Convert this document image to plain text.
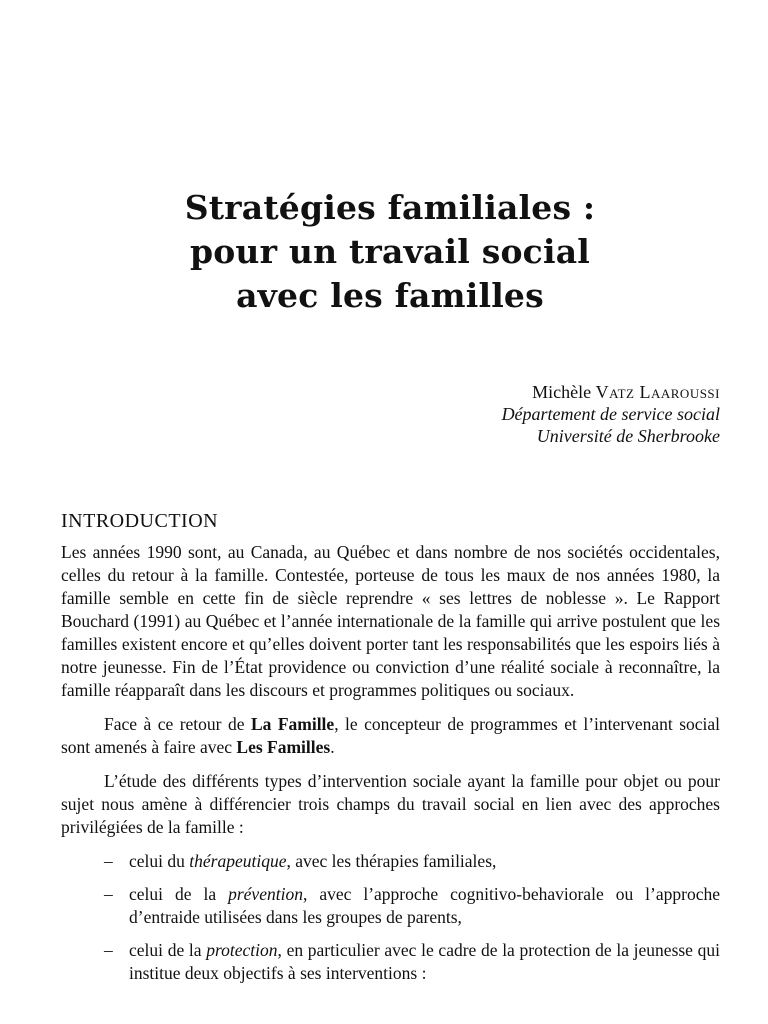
Stratégies familiales :
pour un travail social
avec les familles
Michèle Vatz Laaroussi
Département de service social
Université de Sherbrooke
INTRODUCTION

Les années 1990 sont, au Canada, au Québec et dans nombre de nos sociétés occidentales, celles du retour à la famille. Contestée, porteuse de tous les maux de nos années 1980, la famille semble en cette fin de siècle reprendre « ses lettres de noblesse ». Le Rapport Bouchard (1991) au Québec et l’année internationale de la famille qui arrive postulent que les familles existent encore et qu’elles doivent porter tant les responsabilités que les espoirs liés à notre jeunesse. Fin de l’État providence ou conviction d’une réalité sociale à reconnaître, la famille réapparaît dans les discours et programmes politiques ou sociaux.

Face à ce retour de La Famille, le concepteur de programmes et l’intervenant social sont amenés à faire avec Les Familles.

L’étude des différents types d’intervention sociale ayant la famille pour objet ou pour sujet nous amène à différencier trois champs du travail social en lien avec des approches privilégiées de la famille :

– celui du thérapeutique, avec les thérapies familiales,
– celui de la prévention, avec l’approche cognitivo-behaviorale ou l’approche d’entraide utilisées dans les groupes de parents,
– celui de la protection, en particulier avec le cadre de la protection de la jeunesse qui institue deux objectifs à ses interventions :
